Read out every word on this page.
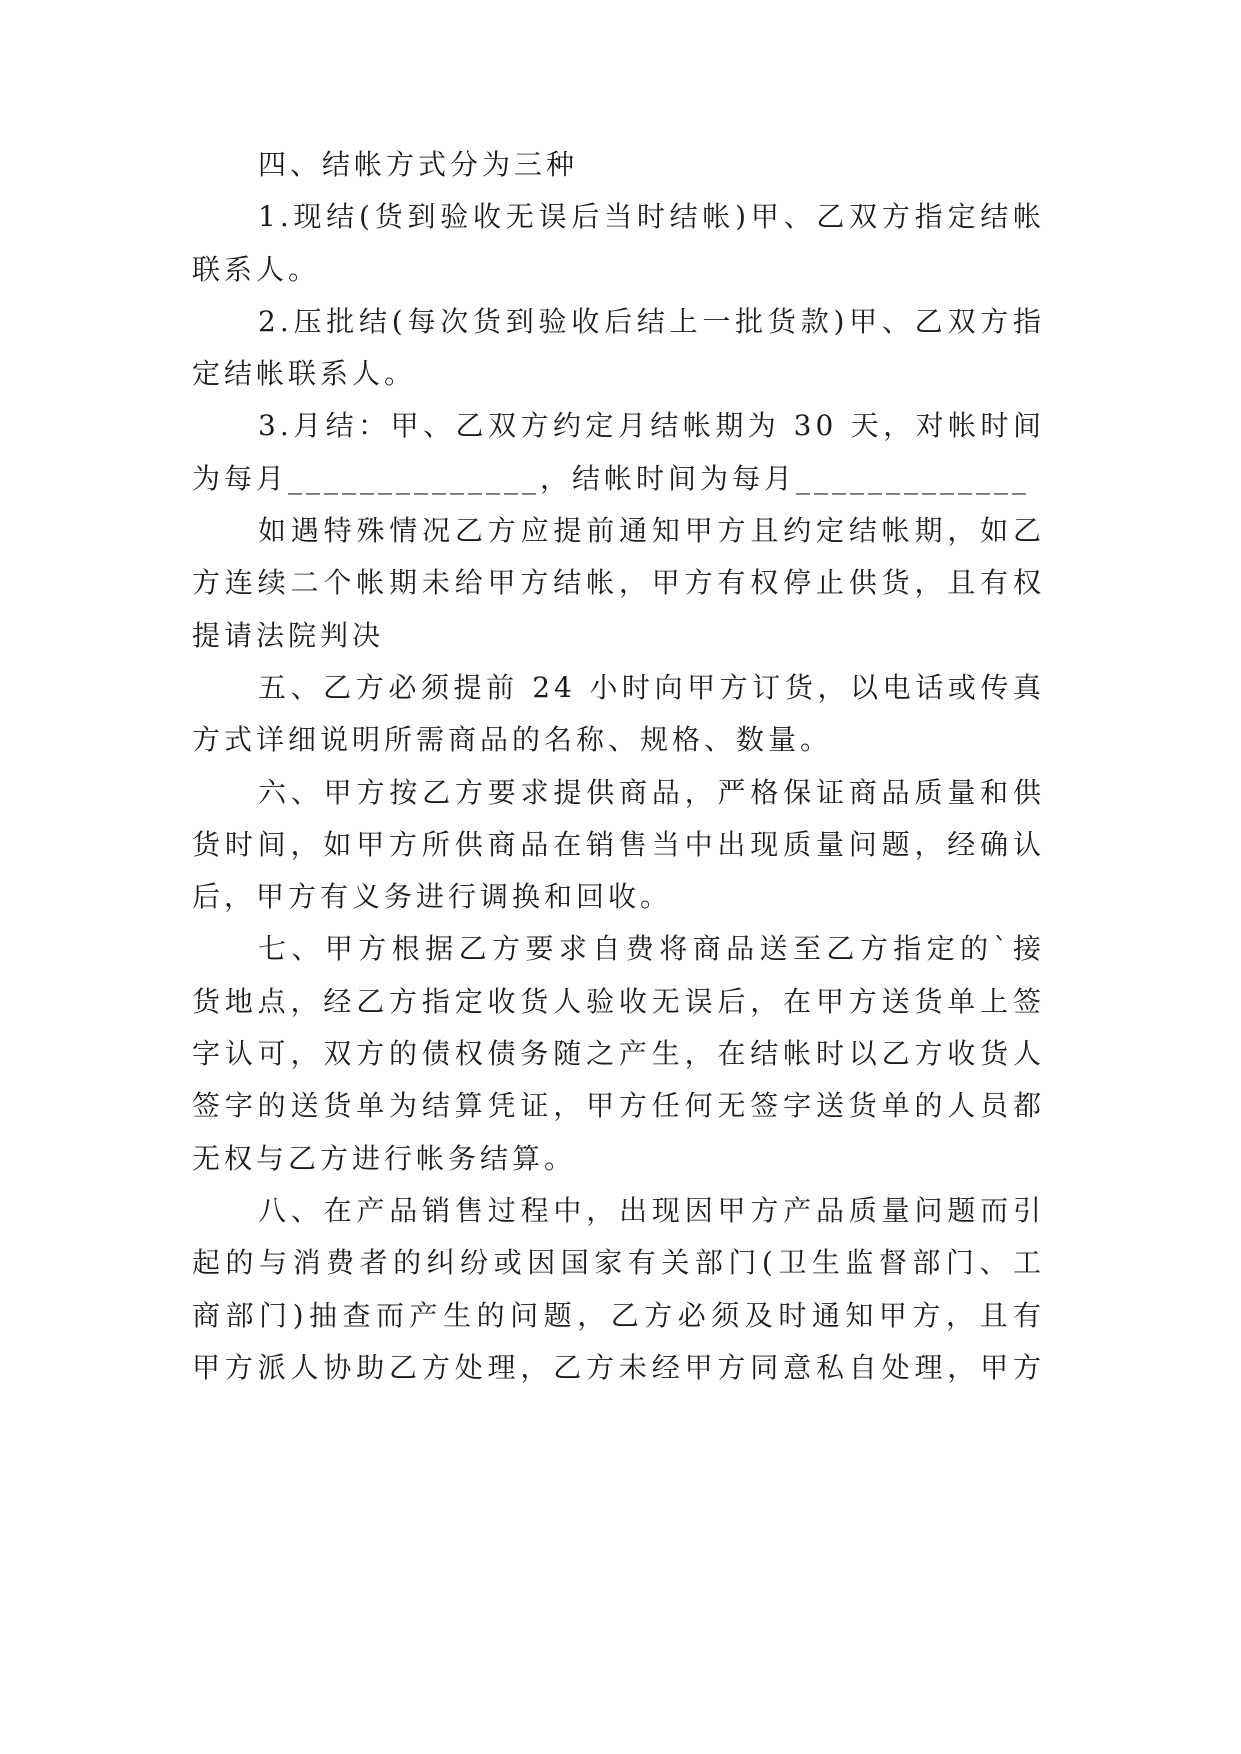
四、结帐方式分为三种
1.现结(货到验收无误后当时结帐)甲、乙双方指定结帐
联系人。
2.压批结(每次货到验收后结上一批货款)甲、乙双方指
定结帐联系人。
3.月结：甲、乙双方约定月结帐期为 30 天，对帐时间
为每月______________，结帐时间为每月_____________
如遇特殊情况乙方应提前通知甲方且约定结帐期，如乙
方连续二个帐期未给甲方结帐，甲方有权停止供货，且有权
提请法院判决
五、乙方必须提前 24 小时向甲方订货，以电话或传真
方式详细说明所需商品的名称、规格、数量。
六、甲方按乙方要求提供商品，严格保证商品质量和供
货时间，如甲方所供商品在销售当中出现质量问题，经确认
后，甲方有义务进行调换和回收。
七、甲方根据乙方要求自费将商品送至乙方指定的`接
货地点，经乙方指定收货人验收无误后，在甲方送货单上签
字认可，双方的债权债务随之产生，在结帐时以乙方收货人
签字的送货单为结算凭证，甲方任何无签字送货单的人员都
无权与乙方进行帐务结算。
八、在产品销售过程中，出现因甲方产品质量问题而引
起的与消费者的纠纷或因国家有关部门(卫生监督部门、工
商部门)抽查而产生的问题，乙方必须及时通知甲方，且有
甲方派人协助乙方处理，乙方未经甲方同意私自处理，甲方
